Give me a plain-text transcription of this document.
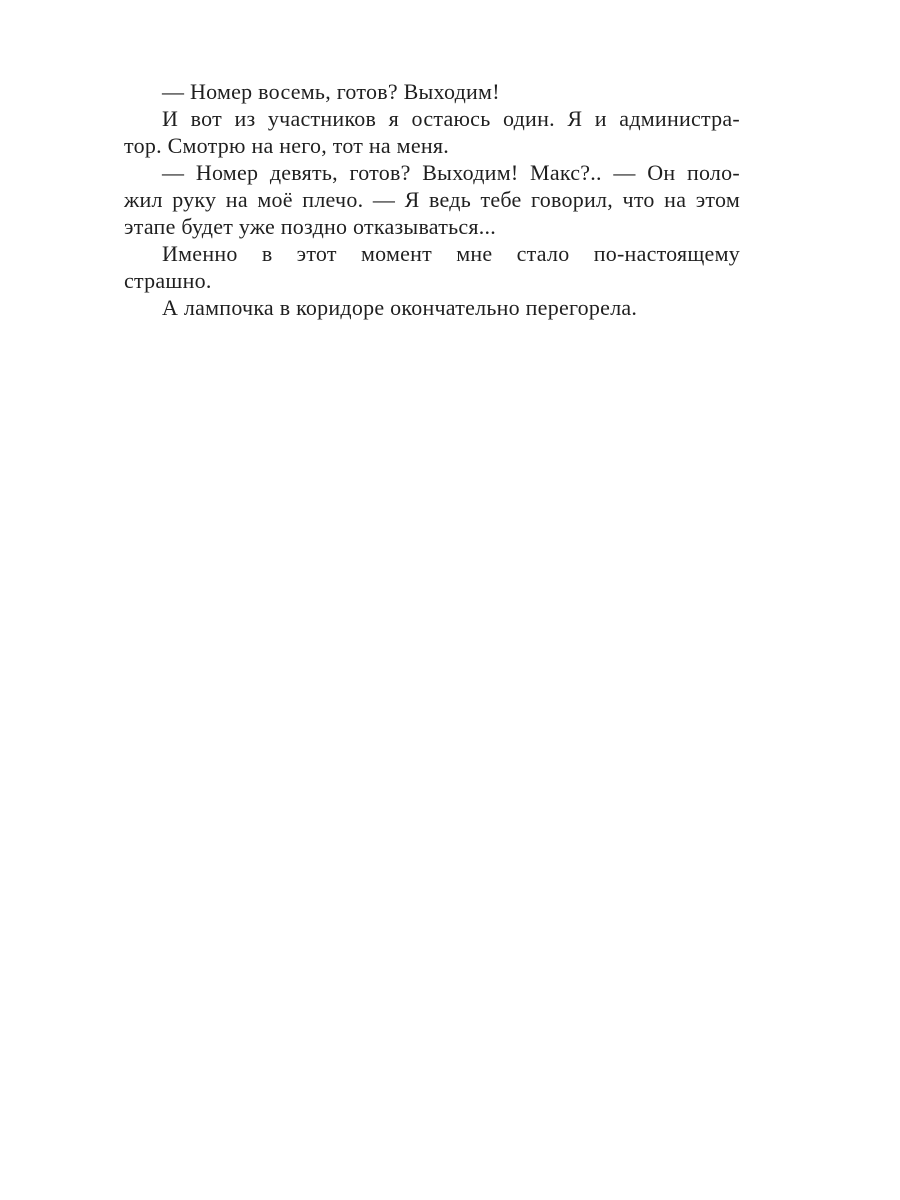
— Номер восемь, готов? Выходим!
И вот из участников я остаюсь один. Я и администра-
тор. Смотрю на него, тот на меня.
— Номер девять, готов? Выходим! Макс?.. — Он поло-
жил руку на моё плечо. — Я ведь тебе говорил, что на этом
этапе будет уже поздно отказываться...
Именно в этот момент мне стало по-настоящему
страшно.
А лампочка в коридоре окончательно перегорела.
